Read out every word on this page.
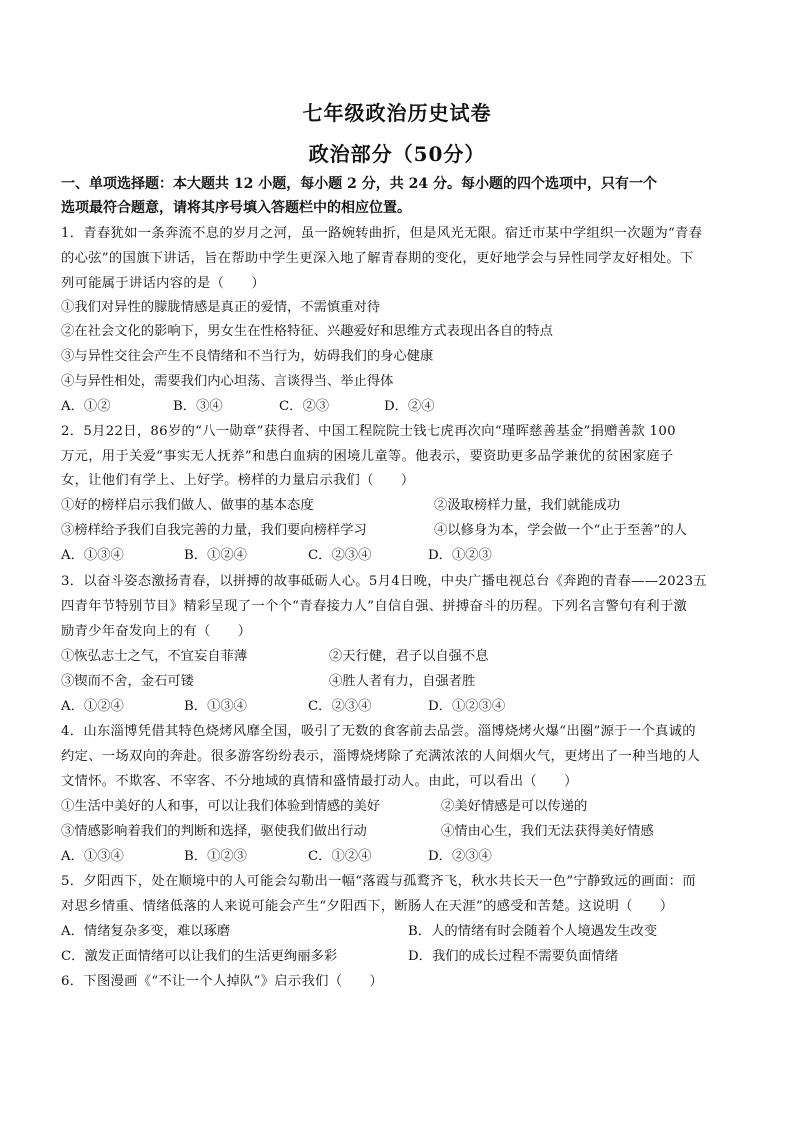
七年级政治历史试卷
政治部分（50分）
一、单项选择题：本大题共 12 小题，每小题 2 分，共 24 分。每小题的四个选项中，只有一个
选项最符合题意，请将其序号填入答题栏中的相应位置。
1．青春犹如一条奔流不息的岁月之河，虽一路婉转曲折，但是风光无限。宿迁市某中学组织一次题为“青春
的心弦”的国旗下讲话，旨在帮助中学生更深入地了解青春期的变化，更好地学会与异性同学友好相处。下
列可能属于讲话内容的是（　　）
①我们对异性的朦胧情感是真正的爱情，不需慎重对待
②在社会文化的影响下，男女生在性格特征、兴趣爱好和思维方式表现出各自的特点
③与异性交往会产生不良情绪和不当行为，妨碍我们的身心健康
④与异性相处，需要我们内心坦荡、言谈得当、举止得体
A．①②	B．③④	C．②③	D．②④
2．5月22日，86岁的“八一勋章”获得者、中国工程院院士钱七虎再次向“瑾晖慈善基金”捐赠善款 100
万元，用于关爱“事实无人抚养”和患白血病的困境儿童等。他表示，要资助更多品学兼优的贫困家庭子
女，让他们有学上、上好学。榜样的力量启示我们（　　）
①好的榜样启示我们做人、做事的基本态度	②汲取榜样力量，我们就能成功
③榜样给予我们自我完善的力量，我们要向榜样学习	④以修身为本，学会做一个“止于至善”的人
A．①③④	B．①②④	C．②③④	D．①②③
3．以奋斗姿态激扬青春，以拼搏的故事砥砺人心。5月4日晚，中央广播电视总台《奔跑的青春——2023五
四青年节特别节目》精彩呈现了一个个“青春接力人”自信自强、拼搏奋斗的历程。下列名言警句有利于激
励青少年奋发向上的有（　　）
①恢弘志士之气，不宜妄自菲薄	②天行健，君子以自强不息
③锲而不舍，金石可镂	④胜人者有力，自强者胜
A．①②④	B．①③④	C．②③④	D．①②③④
4．山东淄博凭借其特色烧烤风靡全国，吸引了无数的食客前去品尝。淄博烧烤火爆“出圈”源于一个真诚的
约定、一场双向的奔赴。很多游客纷纷表示，淄博烧烤除了充满浓浓的人间烟火气，更烤出了一种当地的人
文情怀。不欺客、不宰客、不分地域的真情和盛情最打动人。由此，可以看出（　　）
①生活中美好的人和事，可以让我们体验到情感的美好	②美好情感是可以传递的
③情感影响着我们的判断和选择，驱使我们做出行动	④情由心生，我们无法获得美好情感
A．①③④	B．①②③	C．①②④	D．②③④
5．夕阳西下，处在顺境中的人可能会勾勒出一幅“落霞与孤鹜齐飞，秋水共长天一色”宁静致远的画面：而
对思乡情重、情绪低落的人来说可能会产生“夕阳西下，断肠人在天涯”的感受和苦楚。这说明（　　）
A．情绪复杂多变，难以琢磨	B．人的情绪有时会随着个人境遇发生改变
C．激发正面情绪可以让我们的生活更绚丽多彩	D．我们的成长过程不需要负面情绪
6．下图漫画《“不让一个人掉队”》启示我们（　　）
